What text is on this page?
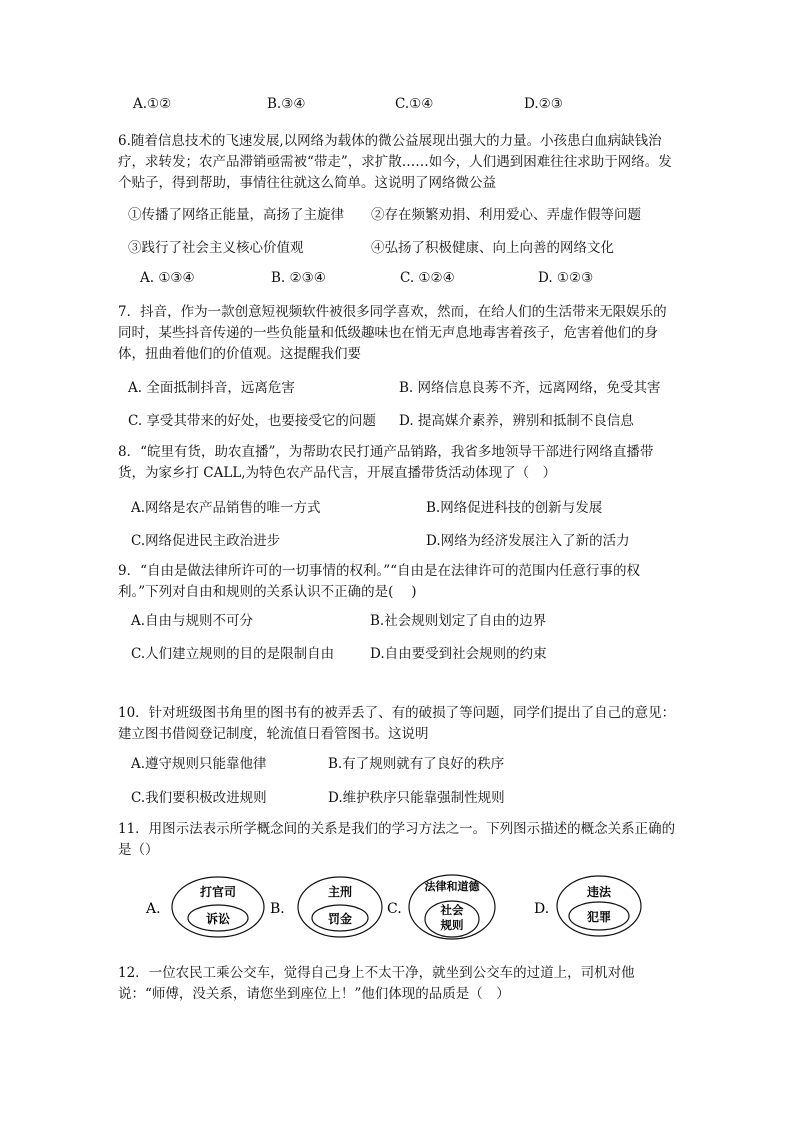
A.①②	B.③④	C.①④	D.②③
6.随着信息技术的飞速发展,以网络为载体的微公益展现出强大的力量。小孩患白血病缺钱治疗，求转发；农产品滞销亟需被“带走”，求扩散……如今，人们遇到困难往往求助于网络。发个贴子，得到帮助，事情往往就这么简单。这说明了网络微公益
①传播了网络正能量，高扬了主旋律 ②存在频繁劝捐、利用爱心、弄虚作假等问题
③践行了社会主义核心价值观	④弘扬了积极健康、向上向善的网络文化
A. ①③④	B. ②③④	C. ①②④	D. ①②③
7．抖音，作为一款创意短视频软件被很多同学喜欢，然而，在给人们的生活带来无限娱乐的同时，某些抖音传递的一些负能量和低级趣味也在悄无声息地毒害着孩子，危害着他们的身体，扭曲着他们的价值观。这提醒我们要
A. 全面抵制抖音，远离危害	B. 网络信息良莠不齐，远离网络，免受其害
C. 享受其带来的好处，也要接受它的问题 D. 提高媒介素养，辨别和抵制不良信息
8．“皖里有货，助农直播”，为帮助农民打通产品销路，我省多地领导干部进行网络直播带货，为家乡打 CALL,为特色农产品代言，开展直播带货活动体现了（　）
A.网络是农产品销售的唯一方式	B.网络促进科技的创新与发展
C.网络促进民主政治进步	D.网络为经济发展注入了新的活力
9．“自由是做法律所许可的一切事情的权利。”“自由是在法律许可的范围内任意行事的权利。”下列对自由和规则的关系认识不正确的是(　 )
A.自由与规则不可分	B.社会规则划定了自由的边界
C.人们建立规则的目的是限制自由	D.自由要受到社会规则的约束
10．针对班级图书角里的图书有的被弄丢了、有的破损了等问题，同学们提出了自己的意见：建立图书借阅登记制度，轮流值日看管图书。这说明
A.遵守规则只能靠他律	B.有了规则就有了良好的秩序
C.我们要积极改进规则	D.维护秩序只能靠强制性规则
11．用图示法表示所学概念间的关系是我们的学习方法之一。下列图示描述的概念关系正确的是（）
A.
打官司
诉讼
B.
主刑
罚金
C.
法律和道德
社会
规则
D.
违法
犯罪
12．一位农民工乘公交车，觉得自己身上不太干净，就坐到公交车的过道上，司机对他说：“师傅，没关系，请您坐到座位上！”他们体现的品质是（　）
